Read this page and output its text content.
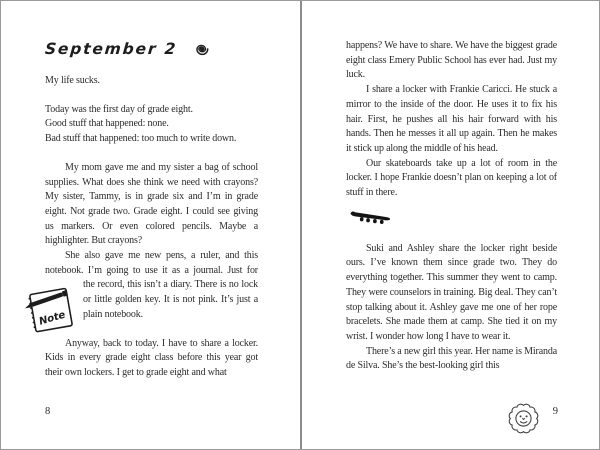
September 2

My life sucks.

Today was the first day of grade eight.
Good stuff that happened: none.
Bad stuff that happened: too much to write down.

My mom gave me and my sister a bag of school supplies. What does she think we need with crayons? My sister, Tammy, is in grade six and I’m in grade eight. Not grade two. Grade eight. I could see giving us markers. Or even colored pencils. Maybe a highlighter. But crayons?

She also gave me new pens, a ruler, and this notebook. I’m going to use it as a journal. Just for
the record, this isn’t a diary. There is no lock or little golden key. It is not pink. It’s just a plain notebook.

Anyway, back to today. I have to share a locker. Kids in every grade eight class before this year got their own lockers. I get to grade eight and what

Note
8

happens? We have to share. We have the biggest grade eight class Emery Public School has ever had. Just my luck.

I share a locker with Frankie Caricci. He stuck a mirror to the inside of the door. He uses it to fix his hair. First, he pushes all his hair forward with his hands. Then he messes it all up again. Then he makes it stick up along the middle of his head.

Our skateboards take up a lot of room in the locker. I hope Frankie doesn’t plan on keeping a lot of stuff in there.

Suki and Ashley share the locker right beside ours. I’ve known them since grade two. They do everything together. This summer they went to camp. They were counselors in training. Big deal. They can’t stop talking about it. Ashley gave me one of her rope bracelets. She made them at camp. She tied it on my wrist. I wonder how long I have to wear it.

There’s a new girl this year. Her name is Miranda de Silva. She’s the best-looking girl this

9
